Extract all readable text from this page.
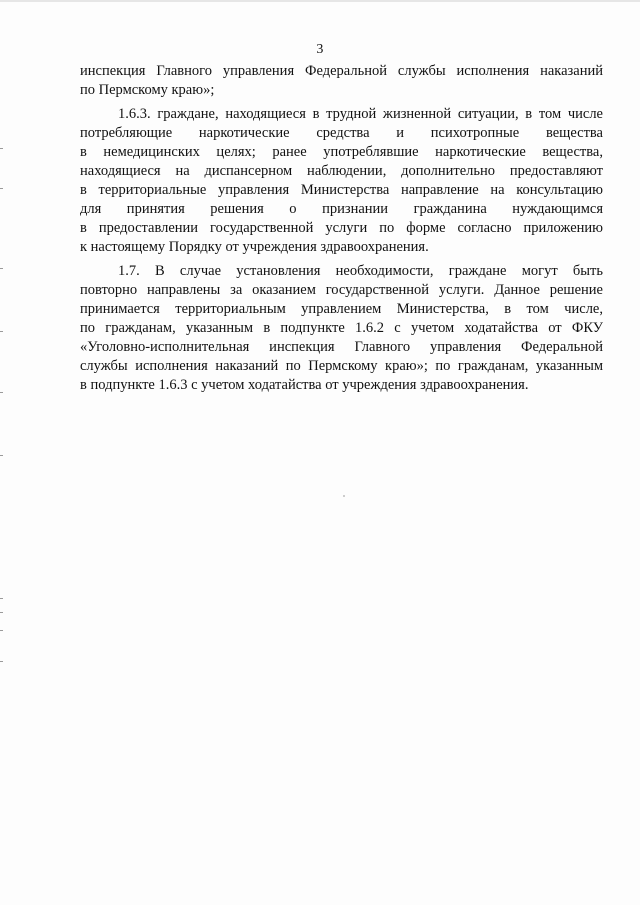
3
инспекция Главного управления Федеральной службы исполнения наказаний
по Пермскому краю»;
1.6.3. граждане, находящиеся в трудной жизненной ситуации, в том числе
потребляющие наркотические средства и психотропные вещества
в немедицинских целях; ранее употреблявшие наркотические вещества,
находящиеся на диспансерном наблюдении, дополнительно предоставляют
в территориальные управления Министерства направление на консультацию
для принятия решения о признании гражданина нуждающимся
в предоставлении государственной услуги по форме согласно приложению
к настоящему Порядку от учреждения здравоохранения.
1.7. В случае установления необходимости, граждане могут быть
повторно направлены за оказанием государственной услуги. Данное решение
принимается территориальным управлением Министерства, в том числе,
по гражданам, указанным в подпункте 1.6.2 с учетом ходатайства от ФКУ
«Уголовно-исполнительная инспекция Главного управления Федеральной
службы исполнения наказаний по Пермскому краю»; по гражданам, указанным
в подпункте 1.6.3 с учетом ходатайства от учреждения здравоохранения.
